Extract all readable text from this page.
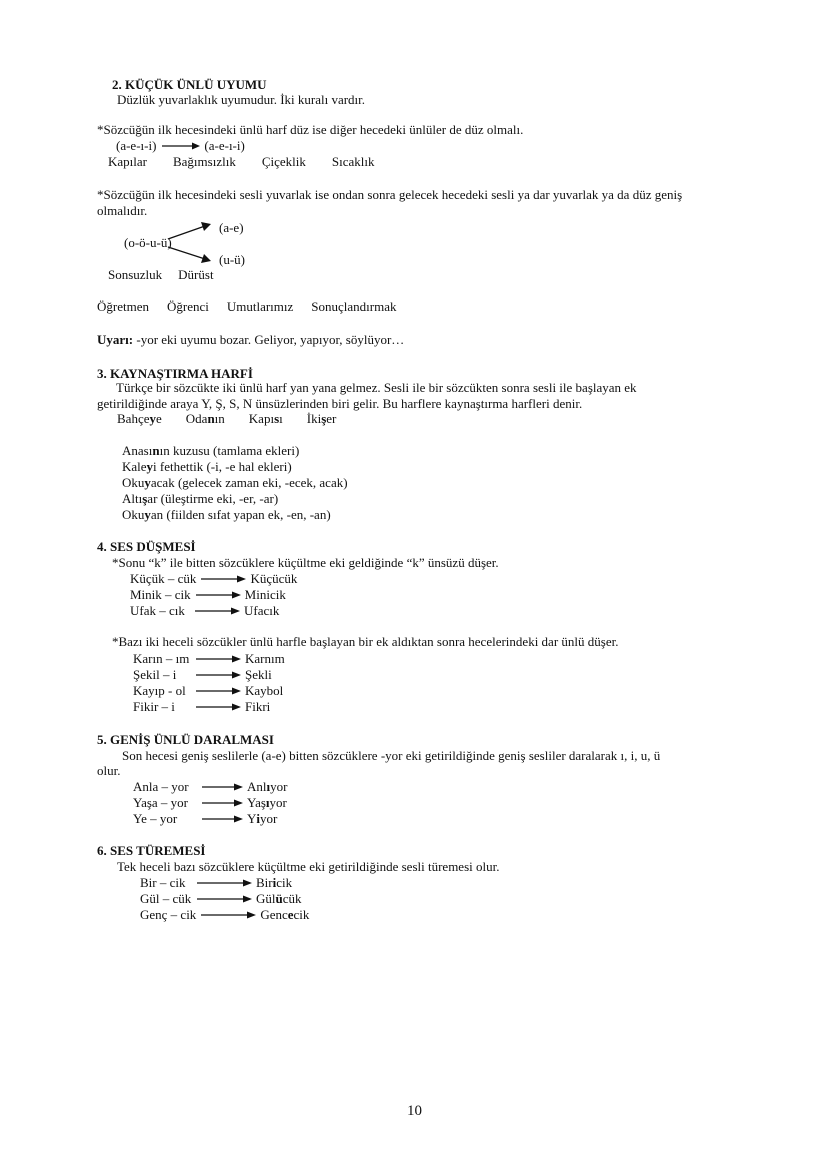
2. KÜÇÜK ÜNLÜ UYUMU
Düzlük yuvarlaklık uyumudur. İki kuralı vardır.
*Sözcüğün ilk hecesindeki ünlü harf düz ise diğer hecedeki ünlüler de düz olmalı.
(a-e-ı-i)	(a-e-ı-i)
Kapılar Bağımsızlık Çiçeklik Sıcaklık
*Sözcüğün ilk hecesindeki sesli yuvarlak ise ondan sonra gelecek hecedeki sesli ya dar yuvarlak ya da düz geniş
olmalıdır.
(o-ö-u-ü)
(a-e)
(u-ü)
Sonsuzluk Dürüst
Öğretmen Öğrenci Umutlarımız Sonuçlandırmak
Uyarı: -yor eki uyumu bozar. Geliyor, yapıyor, söylüyor…
3. KAYNAŞTIRMA HARFİ
Türkçe bir sözcükte iki ünlü harf yan yana gelmez. Sesli ile bir sözcükten sonra sesli ile başlayan ek
getirildiğinde araya Y, Ş, S, N ünsüzlerinden biri gelir. Bu harflere kaynaştırma harfleri denir.
Bahçeye Odanın Kapısı İkişer
Anasının kuzusu (tamlama ekleri)
Kaleyi fethettik (-i, -e hal ekleri)
Okuyacak (gelecek zaman eki, -ecek, acak)
Altışar (üleştirme eki, -er, -ar)
Okuyan (fiilden sıfat yapan ek, -en, -an)
4. SES DÜŞMESİ
*Sonu “k” ile bitten sözcüklere küçültme eki geldiğinde “k” ünsüzü düşer.
Küçük – cük	Küçücük
Minik – cik	Minicik
Ufak – cık	Ufacık
*Bazı iki heceli sözcükler ünlü harfle başlayan bir ek aldıktan sonra hecelerindeki dar ünlü düşer.
Karın – ım	Karnım
Şekil – i	Şekli
Kayıp - ol	Kaybol
Fikir – i	Fikri
5. GENİŞ ÜNLÜ DARALMASI
Son hecesi geniş seslilerle (a-e) bitten sözcüklere -yor eki getirildiğinde geniş sesliler daralarak ı, i, u, ü
olur.
Anla – yor	Anlıyor
Yaşa – yor	Yaşıyor
Ye – yor	Yiyor
6. SES TÜREMESİ
Tek heceli bazı sözcüklere küçültme eki getirildiğinde sesli türemesi olur.
Bir – cik	Biricik
Gül – cük	Gülücük
Genç – cik	Gencecik
10
